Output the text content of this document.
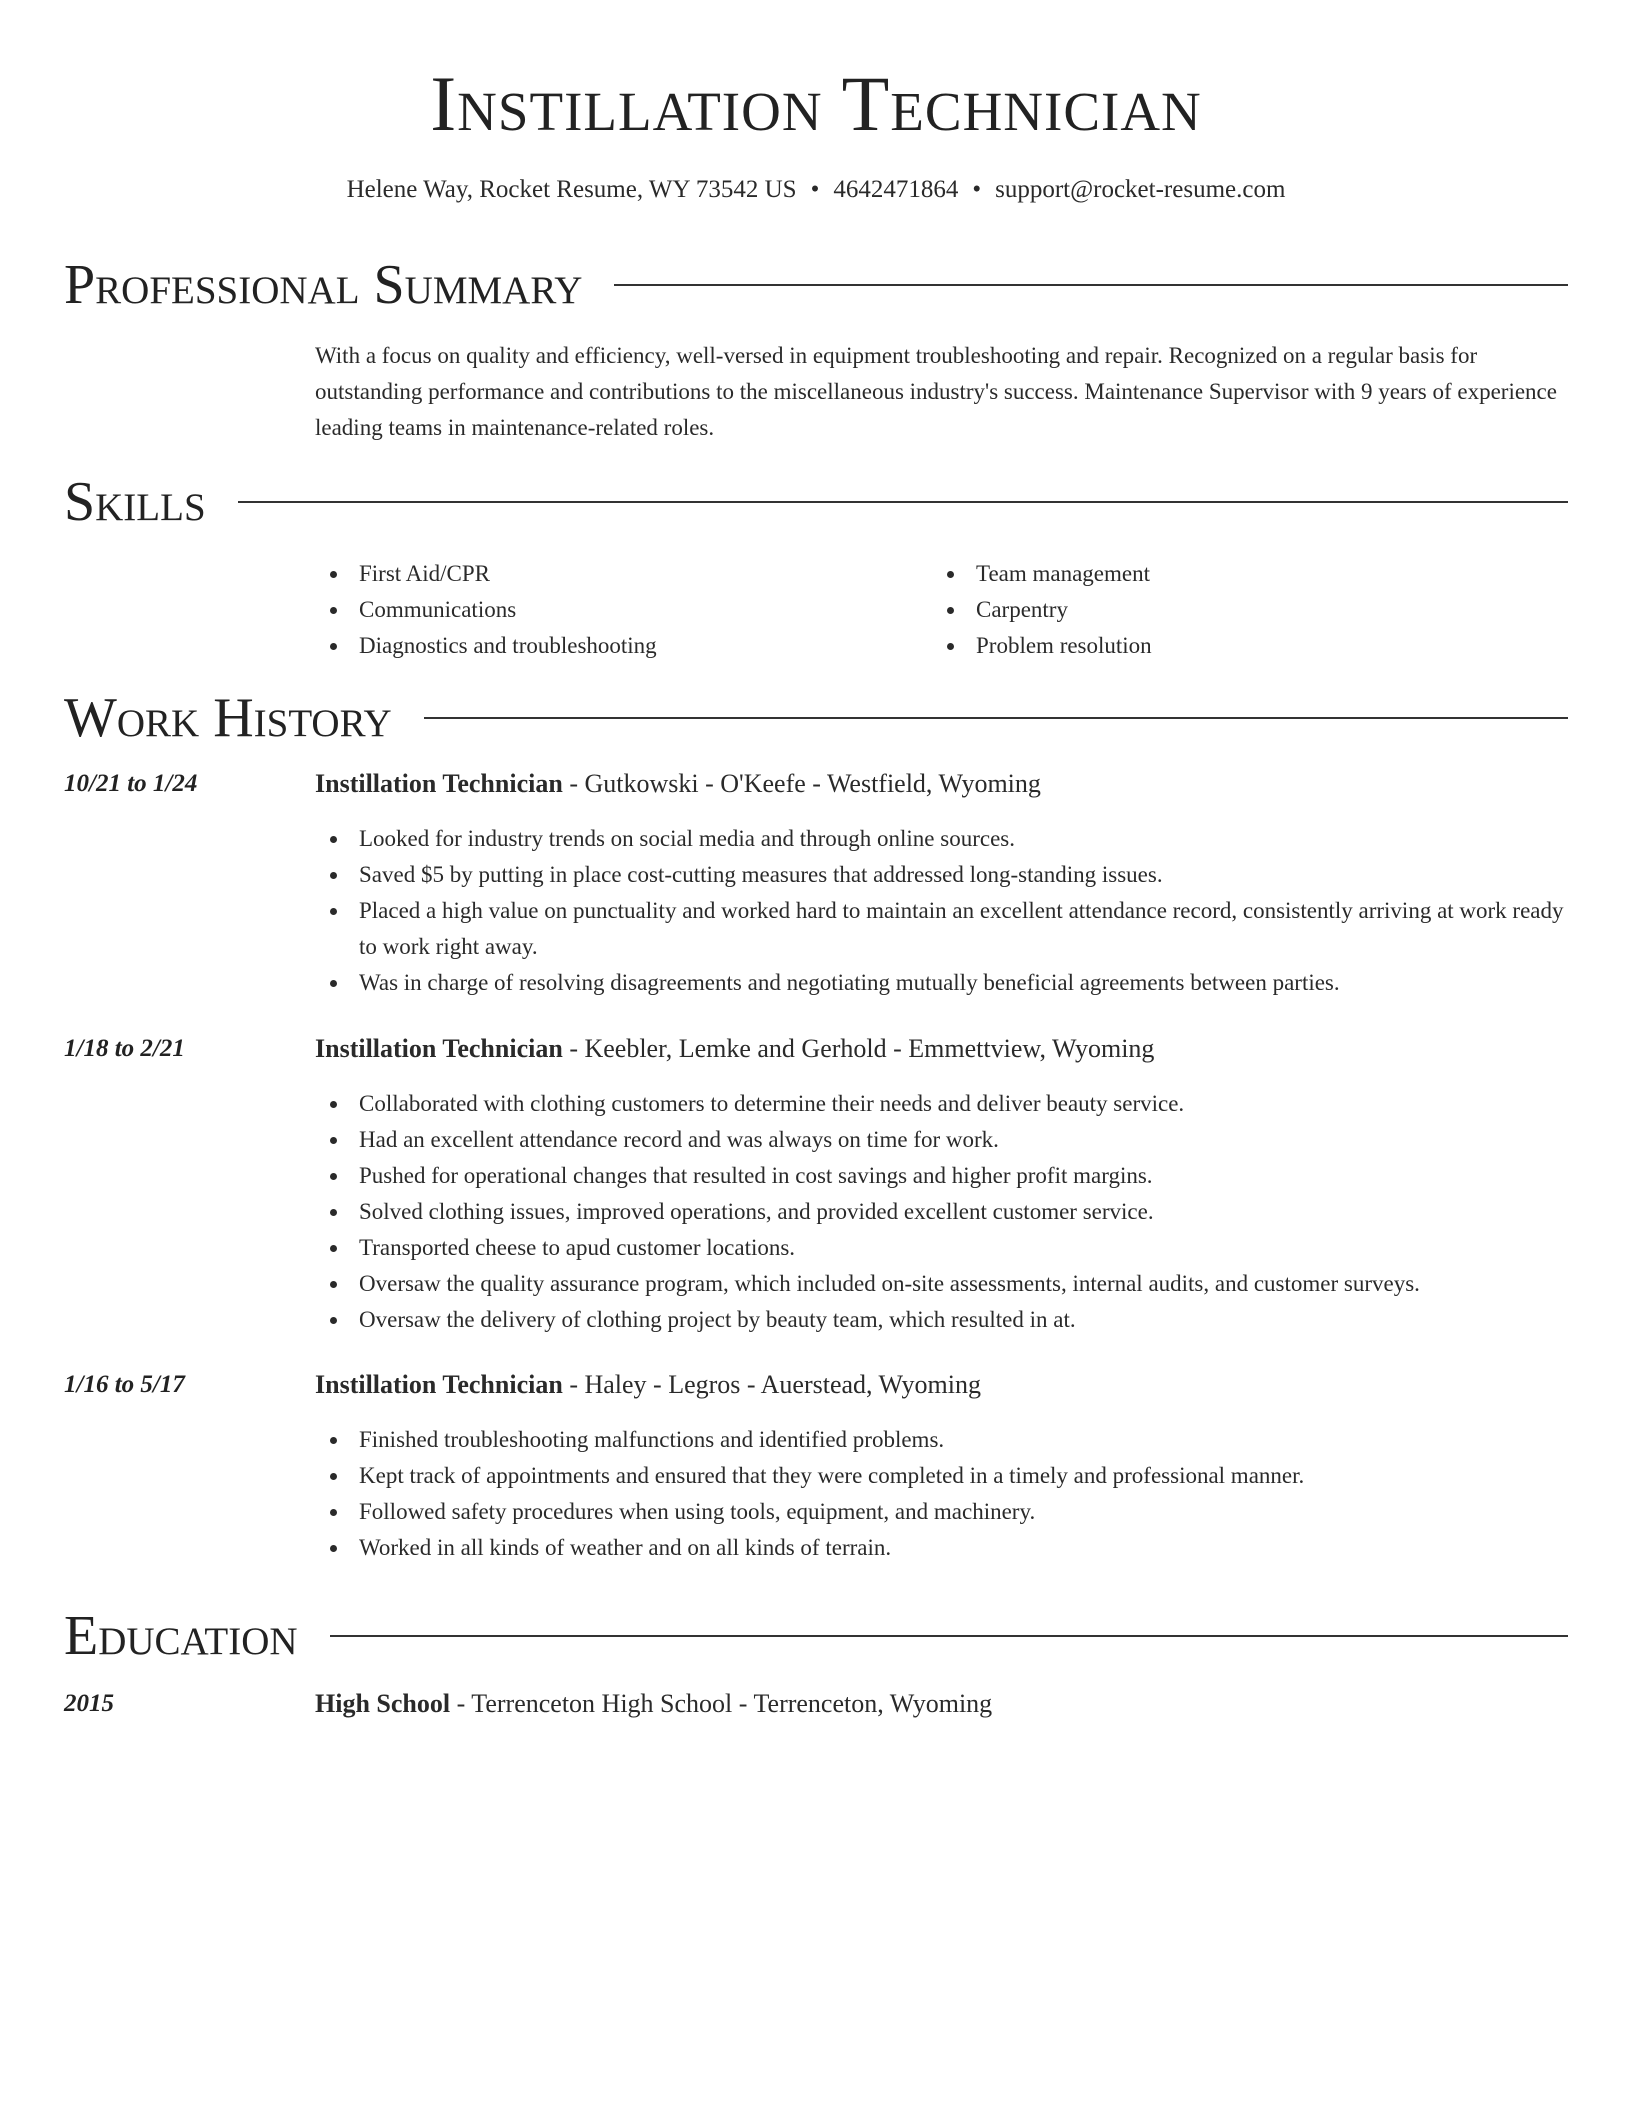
Instillation Technician
Helene Way, Rocket Resume, WY 73542 US • 4642471864 • support@rocket-resume.com
Professional Summary

With a focus on quality and efficiency, well-versed in equipment troubleshooting and repair. Recognized on a regular basis for outstanding performance and contributions to the miscellaneous industry's success. Maintenance Supervisor with 9 years of experience leading teams in maintenance-related roles.

Skills
First Aid/CPR
Communications
Diagnostics and troubleshooting
Team management
Carpentry
Problem resolution
Work History
10/21 to 1/24	Instillation Technician - Gutkowski - O'Keefe - Westfield, Wyoming
Looked for industry trends on social media and through online sources.
Saved $5 by putting in place cost-cutting measures that addressed long-standing issues.
Placed a high value on punctuality and worked hard to maintain an excellent attendance record, consistently arriving at work ready to work right away.
Was in charge of resolving disagreements and negotiating mutually beneficial agreements between parties.
1/18 to 2/21	Instillation Technician - Keebler, Lemke and Gerhold - Emmettview, Wyoming
Collaborated with clothing customers to determine their needs and deliver beauty service.
Had an excellent attendance record and was always on time for work.
Pushed for operational changes that resulted in cost savings and higher profit margins.
Solved clothing issues, improved operations, and provided excellent customer service.
Transported cheese to apud customer locations.
Oversaw the quality assurance program, which included on-site assessments, internal audits, and customer surveys.
Oversaw the delivery of clothing project by beauty team, which resulted in at.
1/16 to 5/17	Instillation Technician - Haley - Legros - Auerstead, Wyoming
Finished troubleshooting malfunctions and identified problems.
Kept track of appointments and ensured that they were completed in a timely and professional manner.
Followed safety procedures when using tools, equipment, and machinery.
Worked in all kinds of weather and on all kinds of terrain.
Education
2015	High School - Terrenceton High School - Terrenceton, Wyoming
